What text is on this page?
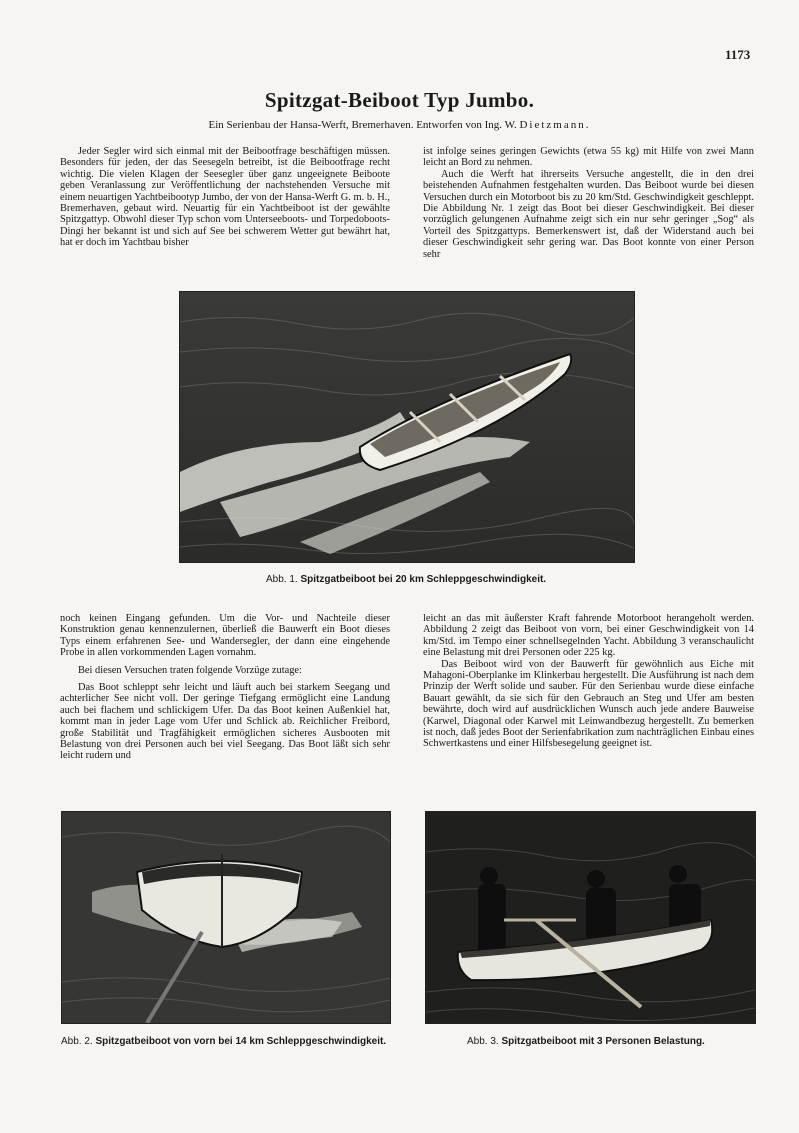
1173
Spitzgat-Beiboot Typ Jumbo.
Ein Serienbau der Hansa-Werft, Bremerhaven. Entworfen von Ing. W. Dietzmann.

Jeder Segler wird sich einmal mit der Beibootfrage beschäftigen müssen. Besonders für jeden, der das Seesegeln betreibt, ist die Beibootfrage recht wichtig. Die vielen Klagen der Seesegler über ganz ungeeignete Beiboote geben Veranlassung zur Veröffentlichung der nachstehenden Versuche mit einem neuartigen Yachtbeibootyp Jumbo, der von der Hansa-Werft G. m. b. H., Bremerhaven, gebaut wird. Neuartig für ein Yachtbeiboot ist der gewählte Spitzgattyp. Obwohl dieser Typ schon vom Unterseeboots- und Torpedoboots-Dingi her bekannt ist und sich auf See bei schwerem Wetter gut bewährt hat, hat er doch im Yachtbau bisher

ist infolge seines geringen Gewichts (etwa 55 kg) mit Hilfe von zwei Mann leicht an Bord zu nehmen.

Auch die Werft hat ihrerseits Versuche angestellt, die in den drei beistehenden Aufnahmen festgehalten wurden. Das Beiboot wurde bei diesen Versuchen durch ein Motorboot bis zu 20 km/Std. Geschwindigkeit geschleppt. Die Abbildung Nr. 1 zeigt das Boot bei dieser Geschwindigkeit. Bei dieser vorzüglich gelungenen Aufnahme zeigt sich ein nur sehr geringer „Sog“ als Vorteil des Spitzgattyps. Bemerkenswert ist, daß der Widerstand auch bei dieser Geschwindigkeit sehr gering war. Das Boot konnte von einer Person sehr

Abb. 1. Spitzgatbeiboot bei 20 km Schleppgeschwindigkeit.

noch keinen Eingang gefunden. Um die Vor- und Nachteile dieser Konstruktion genau kennenzulernen, überließ die Bauwerft ein Boot dieses Typs einem erfahrenen See- und Wandersegler, der dann eine eingehende Probe in allen vorkommenden Lagen vornahm.

Bei diesen Versuchen traten folgende Vorzüge zutage:

Das Boot schleppt sehr leicht und läuft auch bei starkem Seegang und achterlicher See nicht voll. Der geringe Tiefgang ermöglicht eine Landung auch bei flachem und schlickigem Ufer. Da das Boot keinen Außenkiel hat, kommt man in jeder Lage vom Ufer und Schlick ab. Reichlicher Freibord, große Stabilität und Tragfähigkeit ermöglichen sicheres Ausbooten mit Belastung von drei Personen auch bei viel Seegang. Das Boot läßt sich sehr leicht rudern und

leicht an das mit äußerster Kraft fahrende Motorboot herangeholt werden. Abbildung 2 zeigt das Beiboot von vorn, bei einer Geschwindigkeit von 14 km/Std. im Tempo einer schnellsegelnden Yacht. Abbildung 3 veranschaulicht eine Belastung mit drei Personen oder 225 kg.

Das Beiboot wird von der Bauwerft für gewöhnlich aus Eiche mit Mahagoni-Oberplanke im Klinkerbau hergestellt. Die Ausführung ist nach dem Prinzip der Werft solide und sauber. Für den Serienbau wurde diese einfache Bauart gewählt, da sie sich für den Gebrauch an Steg und Ufer am besten bewährte, doch wird auf ausdrücklichen Wunsch auch jede andere Bauweise (Karwel, Diagonal oder Karwel mit Leinwandbezug hergestellt. Zu bemerken ist noch, daß jedes Boot der Serienfabrikation zum nachträglichen Einbau eines Schwertkastens und einer Hilfsbesegelung geeignet ist.

Abb. 2. Spitzgatbeiboot von vorn bei 14 km Schleppgeschwindigkeit.	Abb. 3. Spitzgatbeiboot mit 3 Personen Belastung.
